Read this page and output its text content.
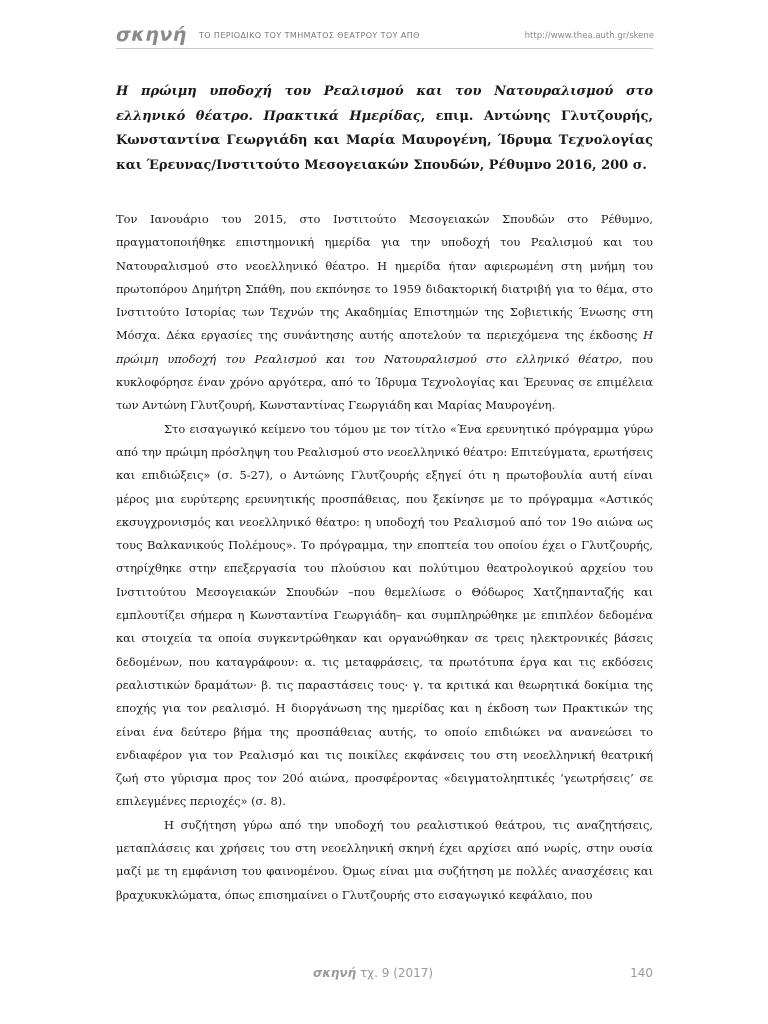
σκηνή ΤΟ ΠΕΡΙΟΔΙΚΟ ΤΟΥ ΤΜΗΜΑΤΟΣ ΘΕΑΤΡΟΥ ΤΟΥ ΑΠΘ	http://www.thea.auth.gr/skene

Η πρώιμη υποδοχή του Ρεαλισμού και του Νατουραλισμού στο ελληνικό θέατρο. Πρακτικά Ημερίδας, επιμ. Αντώνης Γλυτζουρής, Κωνσταντίνα Γεωργιάδη και Μαρία Μαυρογένη, Ίδρυμα Τεχνολογίας και Έρευνας/Ινστιτούτο Μεσογειακών Σπουδών, Ρέθυμνο 2016, 200 σ.

Τον Ιανουάριο του 2015, στο Ινστιτούτο Μεσογειακών Σπουδών στο Ρέθυμνο, πραγματοποιήθηκε επιστημονική ημερίδα για την υποδοχή του Ρεαλισμού και του Νατουραλισμού στο νεοελληνικό θέατρο. Η ημερίδα ήταν αφιερωμένη στη μνήμη του πρωτοπόρου Δημήτρη Σπάθη, που εκπόνησε το 1959 διδακτορική διατριβή για το θέμα, στο Ινστιτούτο Ιστορίας των Τεχνών της Ακαδημίας Επιστημών της Σοβιετικής Ένωσης στη Μόσχα. Δέκα εργασίες της συνάντησης αυτής αποτελούν τα περιεχόμενα της έκδοσης Η πρώιμη υποδοχή του Ρεαλισμού και του Νατουραλισμού στο ελληνικό θέατρο, που κυκλοφόρησε έναν χρόνο αργότερα, από το Ίδρυμα Τεχνολογίας και Έρευνας σε επιμέλεια των Αντώνη Γλυτζουρή, Κωνσταντίνας Γεωργιάδη και Μαρίας Μαυρογένη.

Στο εισαγωγικό κείμενο του τόμου με τον τίτλο «Ένα ερευνητικό πρόγραμμα γύρω από την πρώιμη πρόσληψη του Ρεαλισμού στο νεοελληνικό θέατρο: Επιτεύγματα, ερωτήσεις και επιδιώξεις» (σ. 5-27), ο Αντώνης Γλυτζουρής εξηγεί ότι η πρωτοβουλία αυτή είναι μέρος μια ευρύτερης ερευνητικής προσπάθειας, που ξεκίνησε με το πρόγραμμα «Αστικός εκσυγχρονισμός και νεοελληνικό θέατρο: η υποδοχή του Ρεαλισμού από τον 19ο αιώνα ως τους Βαλκανικούς Πολέμους». Το πρόγραμμα, την εποπτεία του οποίου έχει ο Γλυτζουρής, στηρίχθηκε στην επεξεργασία του πλούσιου και πολύτιμου θεατρολογικού αρχείου του Ινστιτούτου Μεσογειακών Σπουδών –που θεμελίωσε ο Θόδωρος Χατζηπανταζής και εμπλουτίζει σήμερα η Κωνσταντίνα Γεωργιάδη– και συμπληρώθηκε με επιπλέον δεδομένα και στοιχεία τα οποία συγκεντρώθηκαν και οργανώθηκαν σε τρεις ηλεκτρονικές βάσεις δεδομένων, που καταγράφουν: α. τις μεταφράσεις, τα πρωτότυπα έργα και τις εκδόσεις ρεαλιστικών δραμάτων· β. τις παραστάσεις τους· γ. τα κριτικά και θεωρητικά δοκίμια της εποχής για τον ρεαλισμό. Η διοργάνωση της ημερίδας και η έκδοση των Πρακτικών της είναι ένα δεύτερο βήμα της προσπάθειας αυτής, το οποίο επιδιώκει να ανανεώσει το ενδιαφέρον για τον Ρεαλισμό και τις ποικίλες εκφάνσεις του στη νεοελληνική θεατρική ζωή στο γύρισμα προς τον 20ό αιώνα, προσφέροντας «δειγματοληπτικές ‘γεωτρήσεις’ σε επιλεγμένες περιοχές» (σ. 8).

Η συζήτηση γύρω από την υποδοχή του ρεαλιστικού θεάτρου, τις αναζητήσεις, μεταπλάσεις και χρήσεις του στη νεοελληνική σκηνή έχει αρχίσει από νωρίς, στην ουσία μαζί με τη εμφάνιση του φαινομένου. Όμως είναι μια συζήτηση με πολλές ανασχέσεις και βραχυκυκλώματα, όπως επισημαίνει ο Γλυτζουρής στο εισαγωγικό κεφάλαιο, που

σκηνή τχ. 9 (2017)	140
